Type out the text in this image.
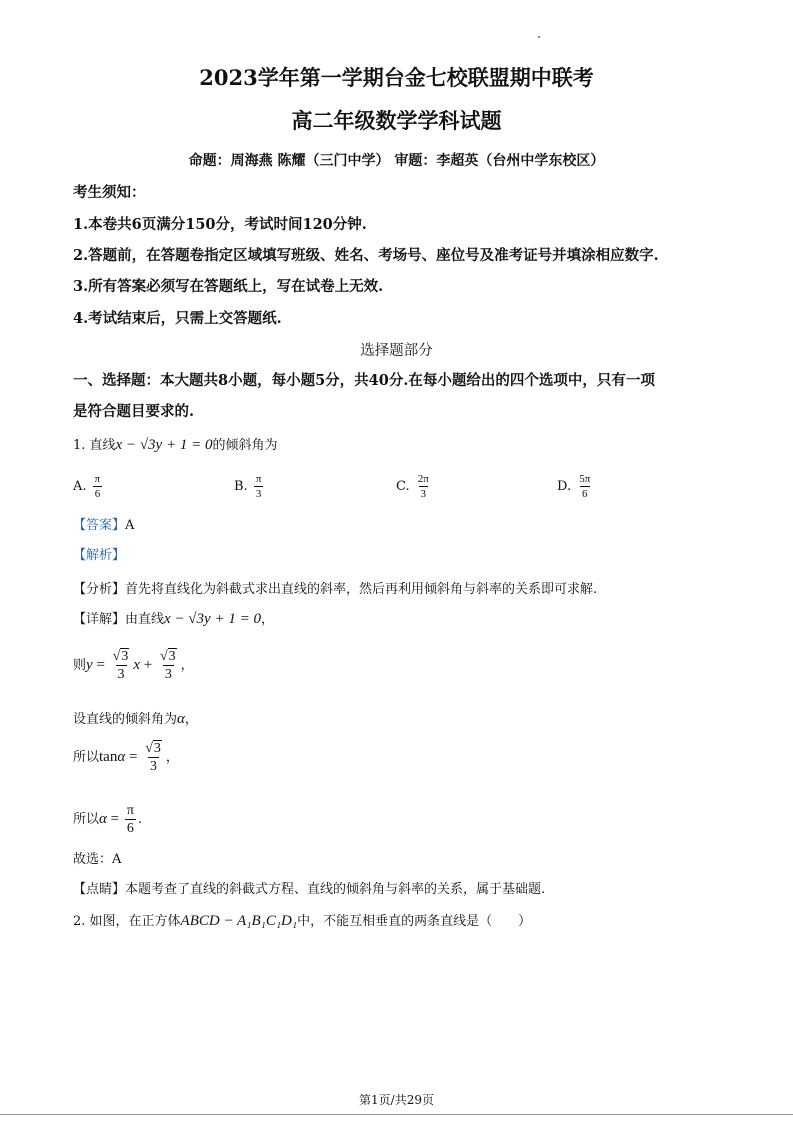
2023学年第一学期台金七校联盟期中联考
高二年级数学学科试题
命题：周海燕 陈耀（三门中学） 审题：李超英（台州中学东校区）
考生须知：
1.本卷共6页满分150分，考试时间120分钟.
2.答题前，在答题卷指定区域填写班级、姓名、考场号、座位号及准考证号并填涂相应数字.
3.所有答案必须写在答题纸上，写在试卷上无效.
4.考试结束后，只需上交答题纸.
选择题部分
一、选择题：本大题共8小题，每小题5分，共40分.在每小题给出的四个选项中，只有一项
是符合题目要求的.
1. 直线x − √3y + 1 = 0的倾斜角为
A. $\frac{\pi}{6}$	B. $\frac{\pi}{3}$	C. $\frac{2\pi}{3}$	D. $\frac{5\pi}{6}$
【答案】A
【解析】
【分析】首先将直线化为斜截式求出直线的斜率，然后再利用倾斜角与斜率的关系即可求解.
【详解】由直线x − √3y + 1 = 0，
则$y = \frac{√3}{3}$ $x + \frac{√3}{3}$ ，
设直线的倾斜角为α，
所以$\tan\alpha = \frac{√3}{3}$ ，
所以$\alpha = \frac{\pi}{6}$ .
故选：A
【点睛】本题考查了直线的斜截式方程、直线的倾斜角与斜率的关系，属于基础题.
2. 如图，在正方体ABCD − A₁B₁C₁D₁中，不能互相垂直的两条直线是（　　）
第1页/共29页
